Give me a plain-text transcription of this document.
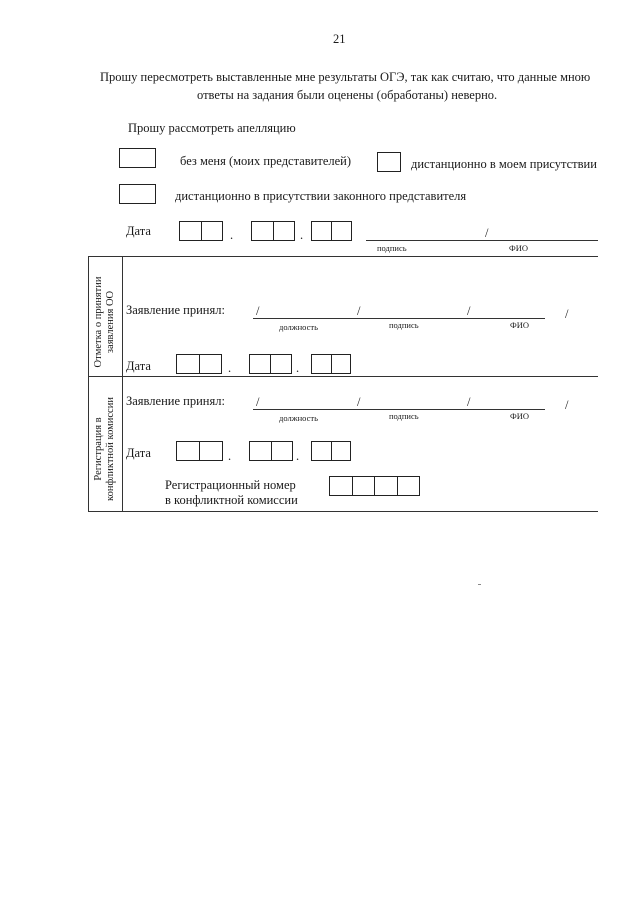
21
Прошу пересмотреть выставленные мне результаты ОГЭ, так как считаю, что данные мною
ответы на задания были оценены (обработаны) неверно.
Прошу рассмотреть апелляцию
без меня (моих представителей)	дистанционно в моем присутствии
дистанционно в присутствии законного представителя
Дата	.	.	/
подпись	ФИО
Отметка о принятии заявления ОО Заявление принял: /	/	/	/
должность	подпись	ФИО
Дата	.	.
Регистрация в конфликтной комиссии Заявление принял: /	/	/	/
должность	подпись	ФИО
Дата	.	.
Регистрационный номер
в конфликтной комиссии
